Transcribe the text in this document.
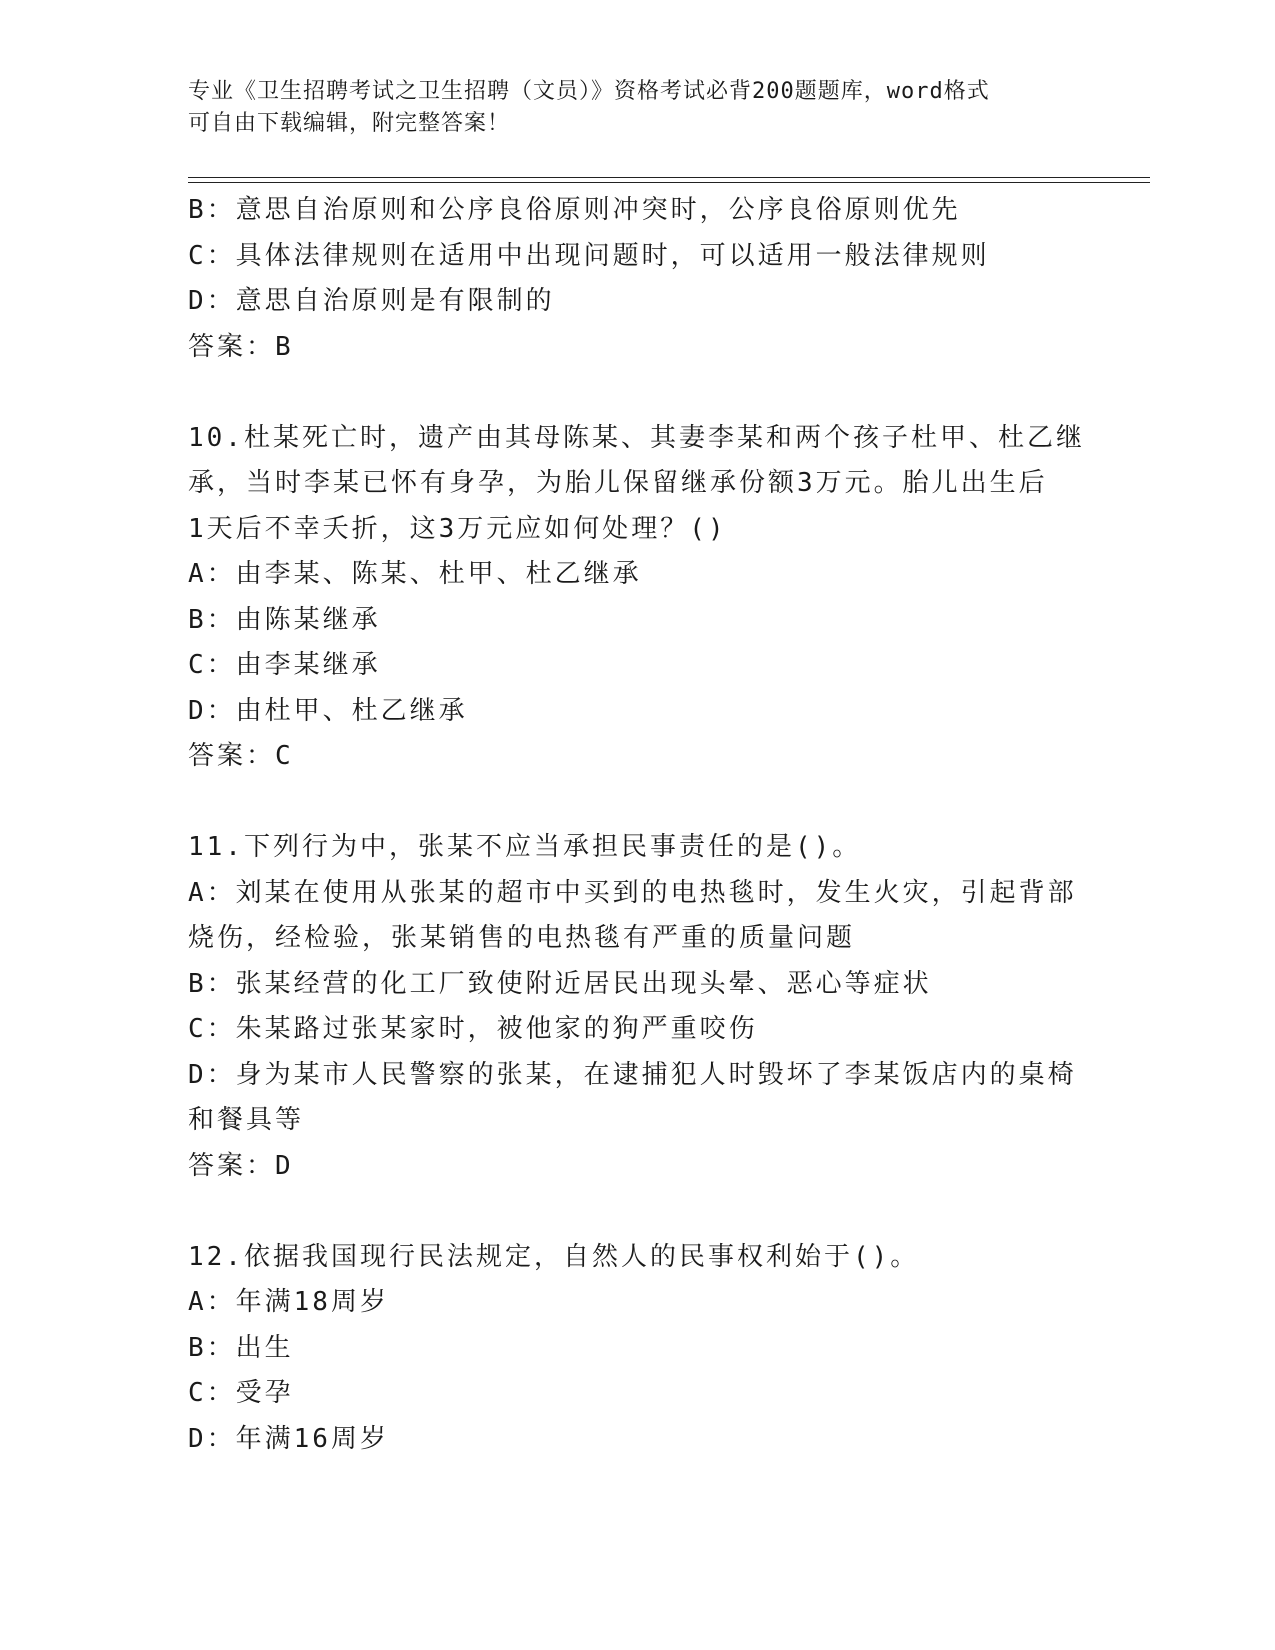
专业《卫生招聘考试之卫生招聘（文员）》资格考试必背200题题库，word格式
可自由下载编辑，附完整答案！
B：意思自治原则和公序良俗原则冲突时，公序良俗原则优先
C：具体法律规则在适用中出现问题时，可以适用一般法律规则
D：意思自治原则是有限制的
答案：B
10.杜某死亡时，遗产由其母陈某、其妻李某和两个孩子杜甲、杜乙继
承，当时李某已怀有身孕，为胎儿保留继承份额3万元。胎儿出生后
1天后不幸夭折，这3万元应如何处理？()
A：由李某、陈某、杜甲、杜乙继承
B：由陈某继承
C：由李某继承
D：由杜甲、杜乙继承
答案：C
11.下列行为中，张某不应当承担民事责任的是()。
A：刘某在使用从张某的超市中买到的电热毯时，发生火灾，引起背部
烧伤，经检验，张某销售的电热毯有严重的质量问题
B：张某经营的化工厂致使附近居民出现头晕、恶心等症状
C：朱某路过张某家时，被他家的狗严重咬伤
D：身为某市人民警察的张某，在逮捕犯人时毁坏了李某饭店内的桌椅
和餐具等
答案：D
12.依据我国现行民法规定，自然人的民事权利始于()。
A：年满18周岁
B：出生
C：受孕
D：年满16周岁
